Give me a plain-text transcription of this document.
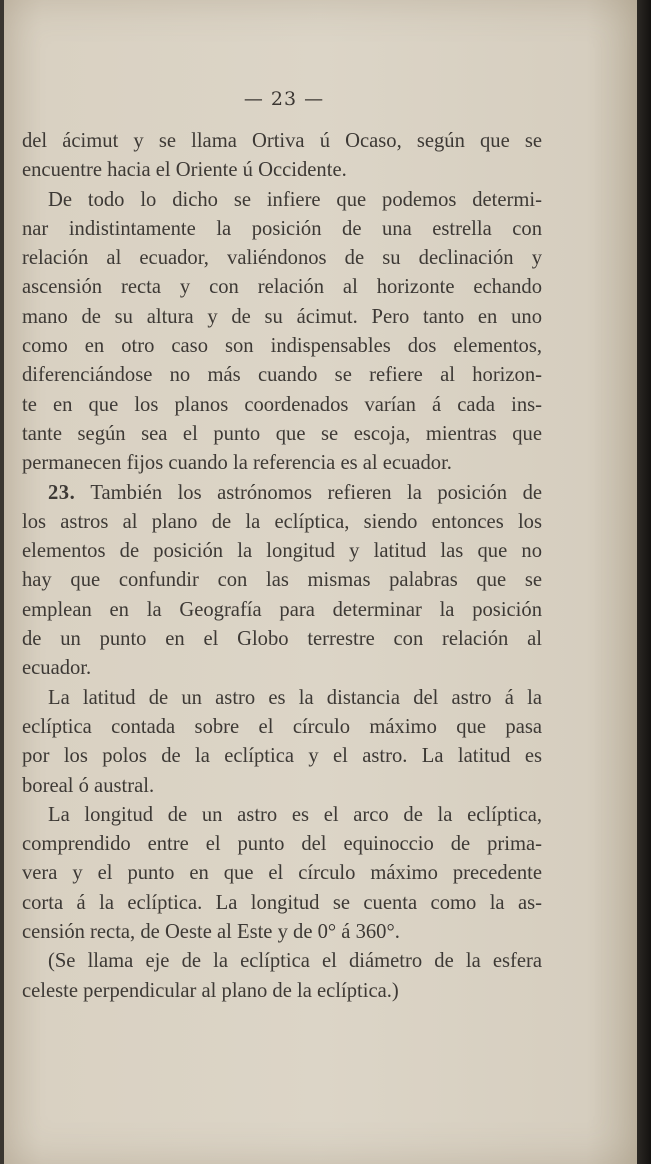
— 23 —
del ácimut y se llama Ortiva ú Ocaso, según que se
encuentre hacia el Oriente ú Occidente.
De todo lo dicho se infiere que podemos determi-
nar indistintamente la posición de una estrella con
relación al ecuador, valiéndonos de su declinación y
ascensión recta y con relación al horizonte echando
mano de su altura y de su ácimut. Pero tanto en uno
como en otro caso son indispensables dos elementos,
diferenciándose no más cuando se refiere al horizon-
te en que los planos coordenados varían á cada ins-
tante según sea el punto que se escoja, mientras que
permanecen fijos cuando la referencia es al ecuador.
23. También los astrónomos refieren la posición de
los astros al plano de la eclíptica, siendo entonces los
elementos de posición la longitud y latitud las que no
hay que confundir con las mismas palabras que se
emplean en la Geografía para determinar la posición
de un punto en el Globo terrestre con relación al
ecuador.
La latitud de un astro es la distancia del astro á la
eclíptica contada sobre el círculo máximo que pasa
por los polos de la eclíptica y el astro. La latitud es
boreal ó austral.
La longitud de un astro es el arco de la eclíptica,
comprendido entre el punto del equinoccio de prima-
vera y el punto en que el círculo máximo precedente
corta á la eclíptica. La longitud se cuenta como la as-
censión recta, de Oeste al Este y de 0° á 360°.
(Se llama eje de la eclíptica el diámetro de la esfera
celeste perpendicular al plano de la eclíptica.)
